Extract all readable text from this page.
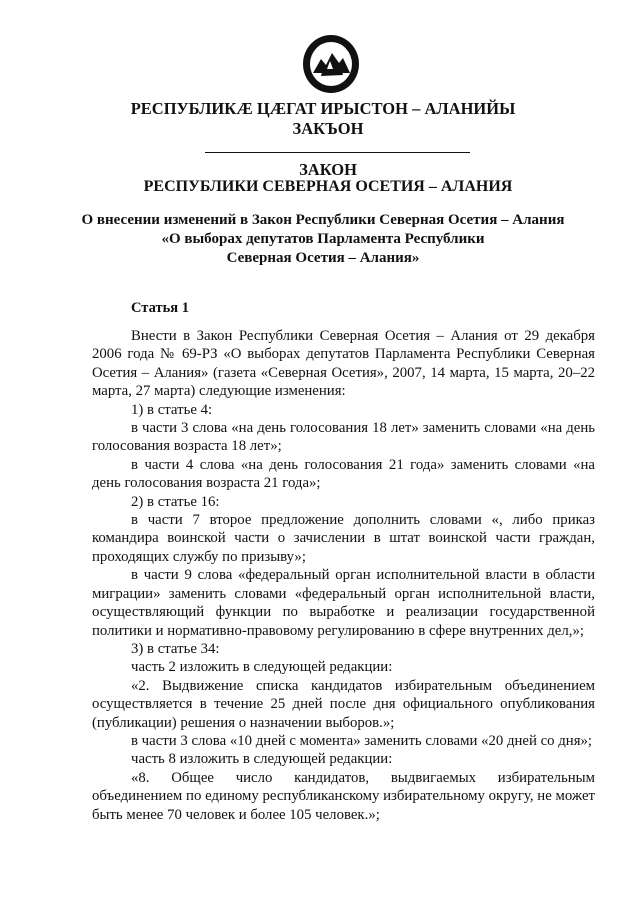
РЕСПУБЛИКӔ ЦӔГАТ ИРЫСТОН – АЛАНИЙЫ
ЗАКЪОН
ЗАКОН
РЕСПУБЛИКИ СЕВЕРНАЯ ОСЕТИЯ – АЛАНИЯ
О внесении изменений в Закон Республики Северная Осетия – Алания
«О выборах депутатов Парламента Республики
Северная Осетия – Алания»
Статья 1

Внести в Закон Республики Северная Осетия – Алания от 29 декабря 2006 года № 69-РЗ «О выборах депутатов Парламента Республики Северная Осетия – Алания» (газета «Северная Осетия», 2007, 14 марта, 15 марта, 20–22 марта, 27 марта) следующие изменения:

1) в статье 4:

в части 3 слова «на день голосования 18 лет» заменить словами «на день голосования возраста 18 лет»;

в части 4 слова «на день голосования 21 года» заменить словами «на день голосования возраста 21 года»;

2) в статье 16:

в части 7 второе предложение дополнить словами «, либо приказ командира воинской части о зачислении в штат воинской части граждан, проходящих службу по призыву»;

в части 9 слова «федеральный орган исполнительной власти в области миграции» заменить словами «федеральный орган исполнительной власти, осуществляющий функции по выработке и реализации государственной политики и нормативно-правовому регулированию в сфере внутренних дел,»;

3) в статье 34:

часть 2 изложить в следующей редакции:

«2. Выдвижение списка кандидатов избирательным объединением осуществляется в течение 25 дней после дня официального опубликования (публикации) решения о назначении выборов.»;

в части 3 слова «10 дней с момента» заменить словами «20 дней со дня»;

часть 8 изложить в следующей редакции:

«8. Общее число кандидатов, выдвигаемых избирательным объединением по единому республиканскому избирательному округу, не может быть менее 70 человек и более 105 человек.»;
